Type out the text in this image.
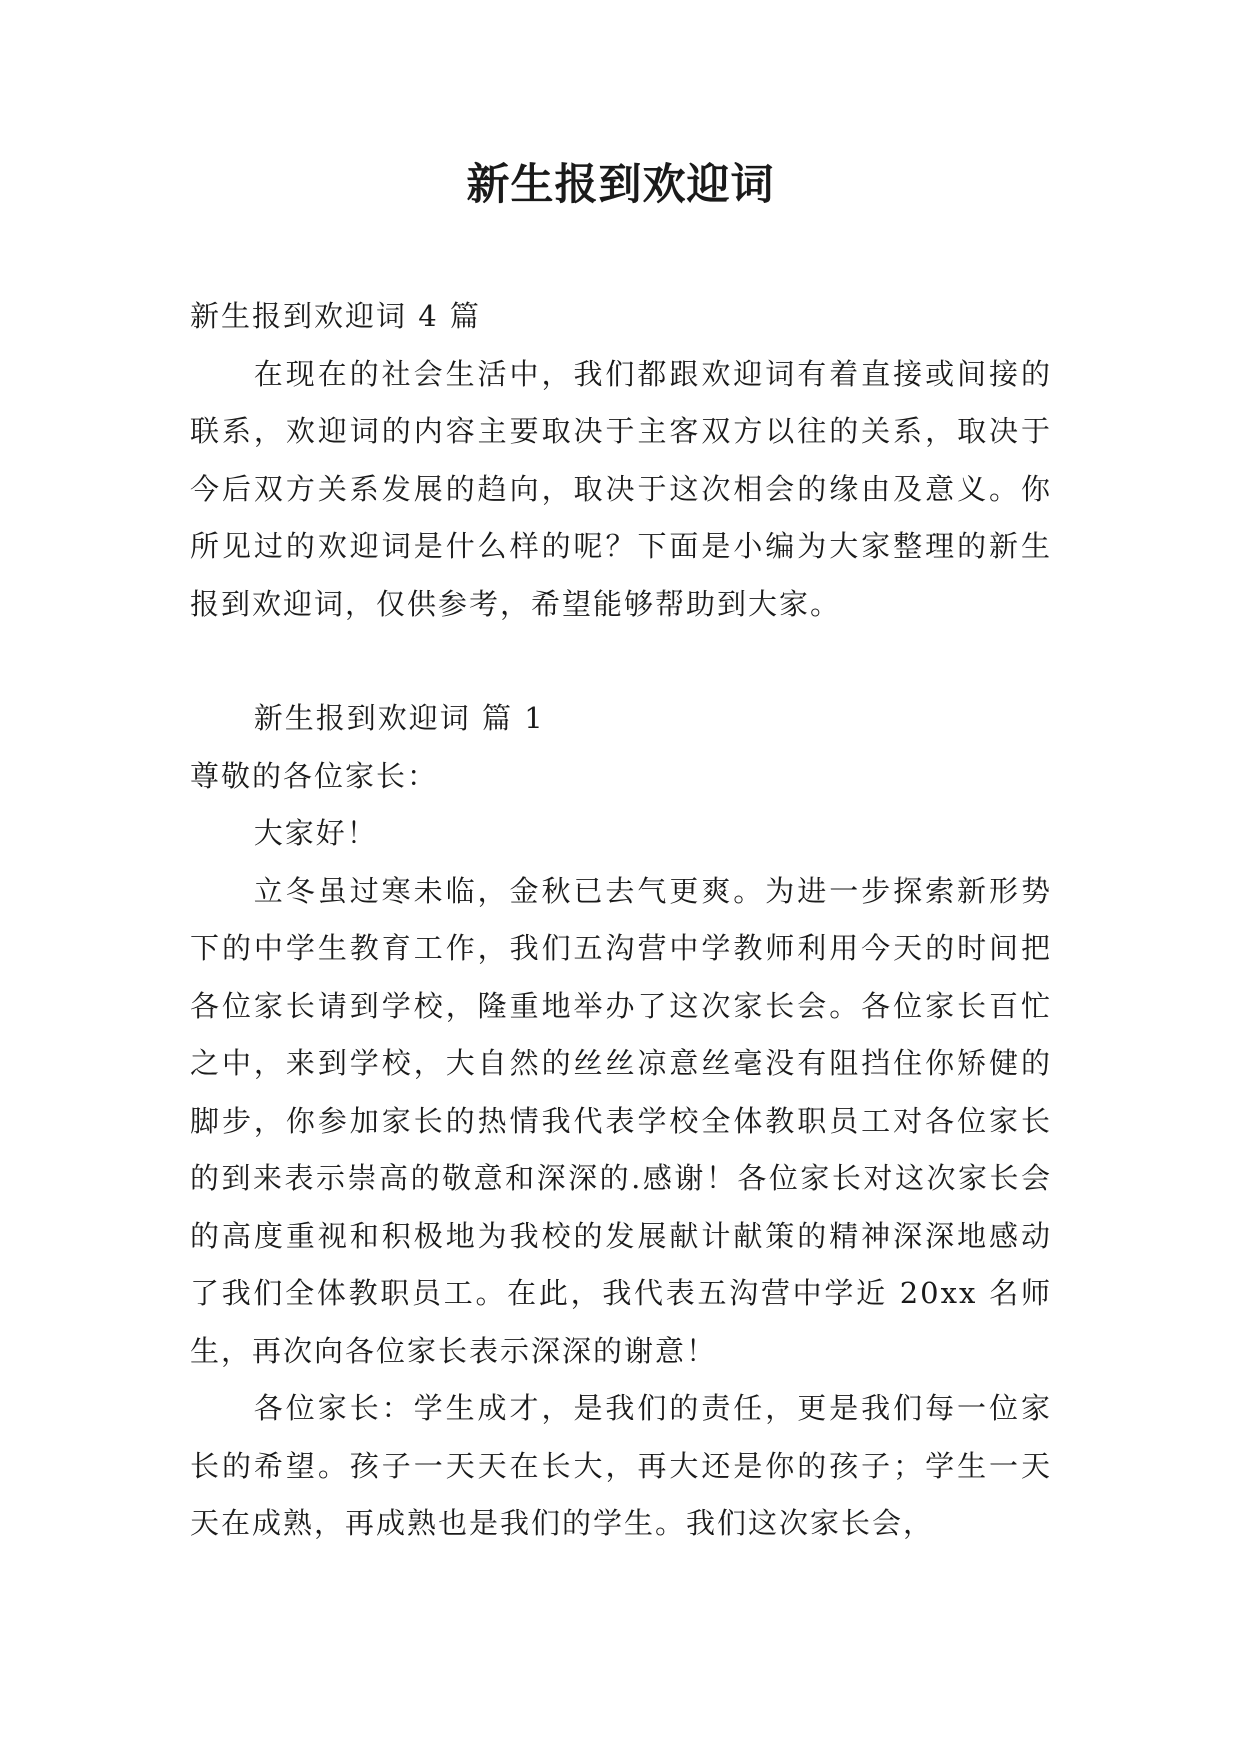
新生报到欢迎词

新生报到欢迎词 4 篇

在现在的社会生活中，我们都跟欢迎词有着直接或间接的联系，欢迎词的内容主要取决于主客双方以往的关系，取决于今后双方关系发展的趋向，取决于这次相会的缘由及意义。你所见过的欢迎词是什么样的呢？下面是小编为大家整理的新生报到欢迎词，仅供参考，希望能够帮助到大家。

新生报到欢迎词 篇 1

尊敬的各位家长：

大家好！

立冬虽过寒未临，金秋已去气更爽。为进一步探索新形势下的中学生教育工作，我们五沟营中学教师利用今天的时间把各位家长请到学校，隆重地举办了这次家长会。各位家长百忙之中，来到学校，大自然的丝丝凉意丝毫没有阻挡住你矫健的脚步，你参加家长的热情我代表学校全体教职员工对各位家长的到来表示崇高的敬意和深深的.感谢！各位家长对这次家长会的高度重视和积极地为我校的发展献计献策的精神深深地感动了我们全体教职员工。在此，我代表五沟营中学近 20xx 名师生，再次向各位家长表示深深的谢意！

各位家长：学生成才，是我们的责任，更是我们每一位家长的希望。孩子一天天在长大，再大还是你的孩子；学生一天天在成熟，再成熟也是我们的学生。我们这次家长会，
